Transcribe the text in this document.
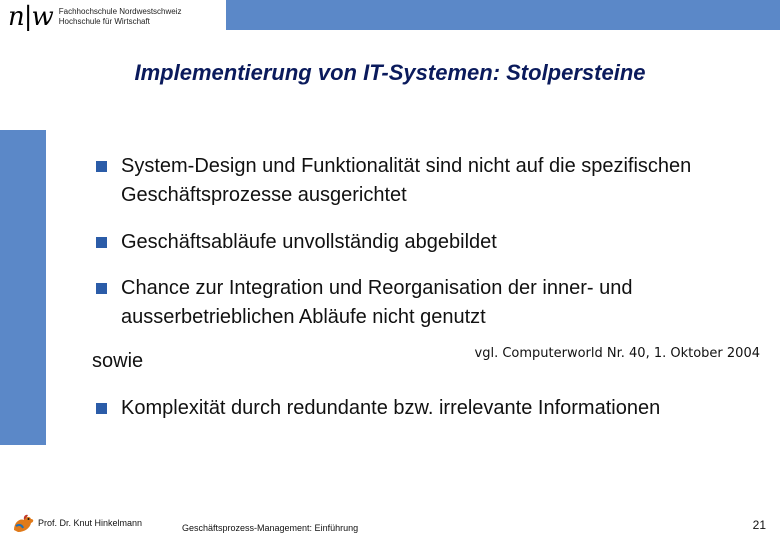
n|w Fachhochschule Nordwestschweiz
Hochschule für Wirtschaft
Implementierung von IT-Systemen: Stolpersteine
System-Design und Funktionalität sind nicht auf die spezifischen Geschäftsprozesse ausgerichtet
Geschäftsabläufe unvollständig abgebildet
Chance zur Integration und Reorganisation der inner- und ausserbetrieblichen Abläufe nicht genutzt
sowie	vgl. Computerworld Nr. 40, 1. Oktober 2004
Komplexität durch redundante bzw. irrelevante Informationen
Prof. Dr. Knut Hinkelmann	Geschäftsprozess-Management: Einführung	21
